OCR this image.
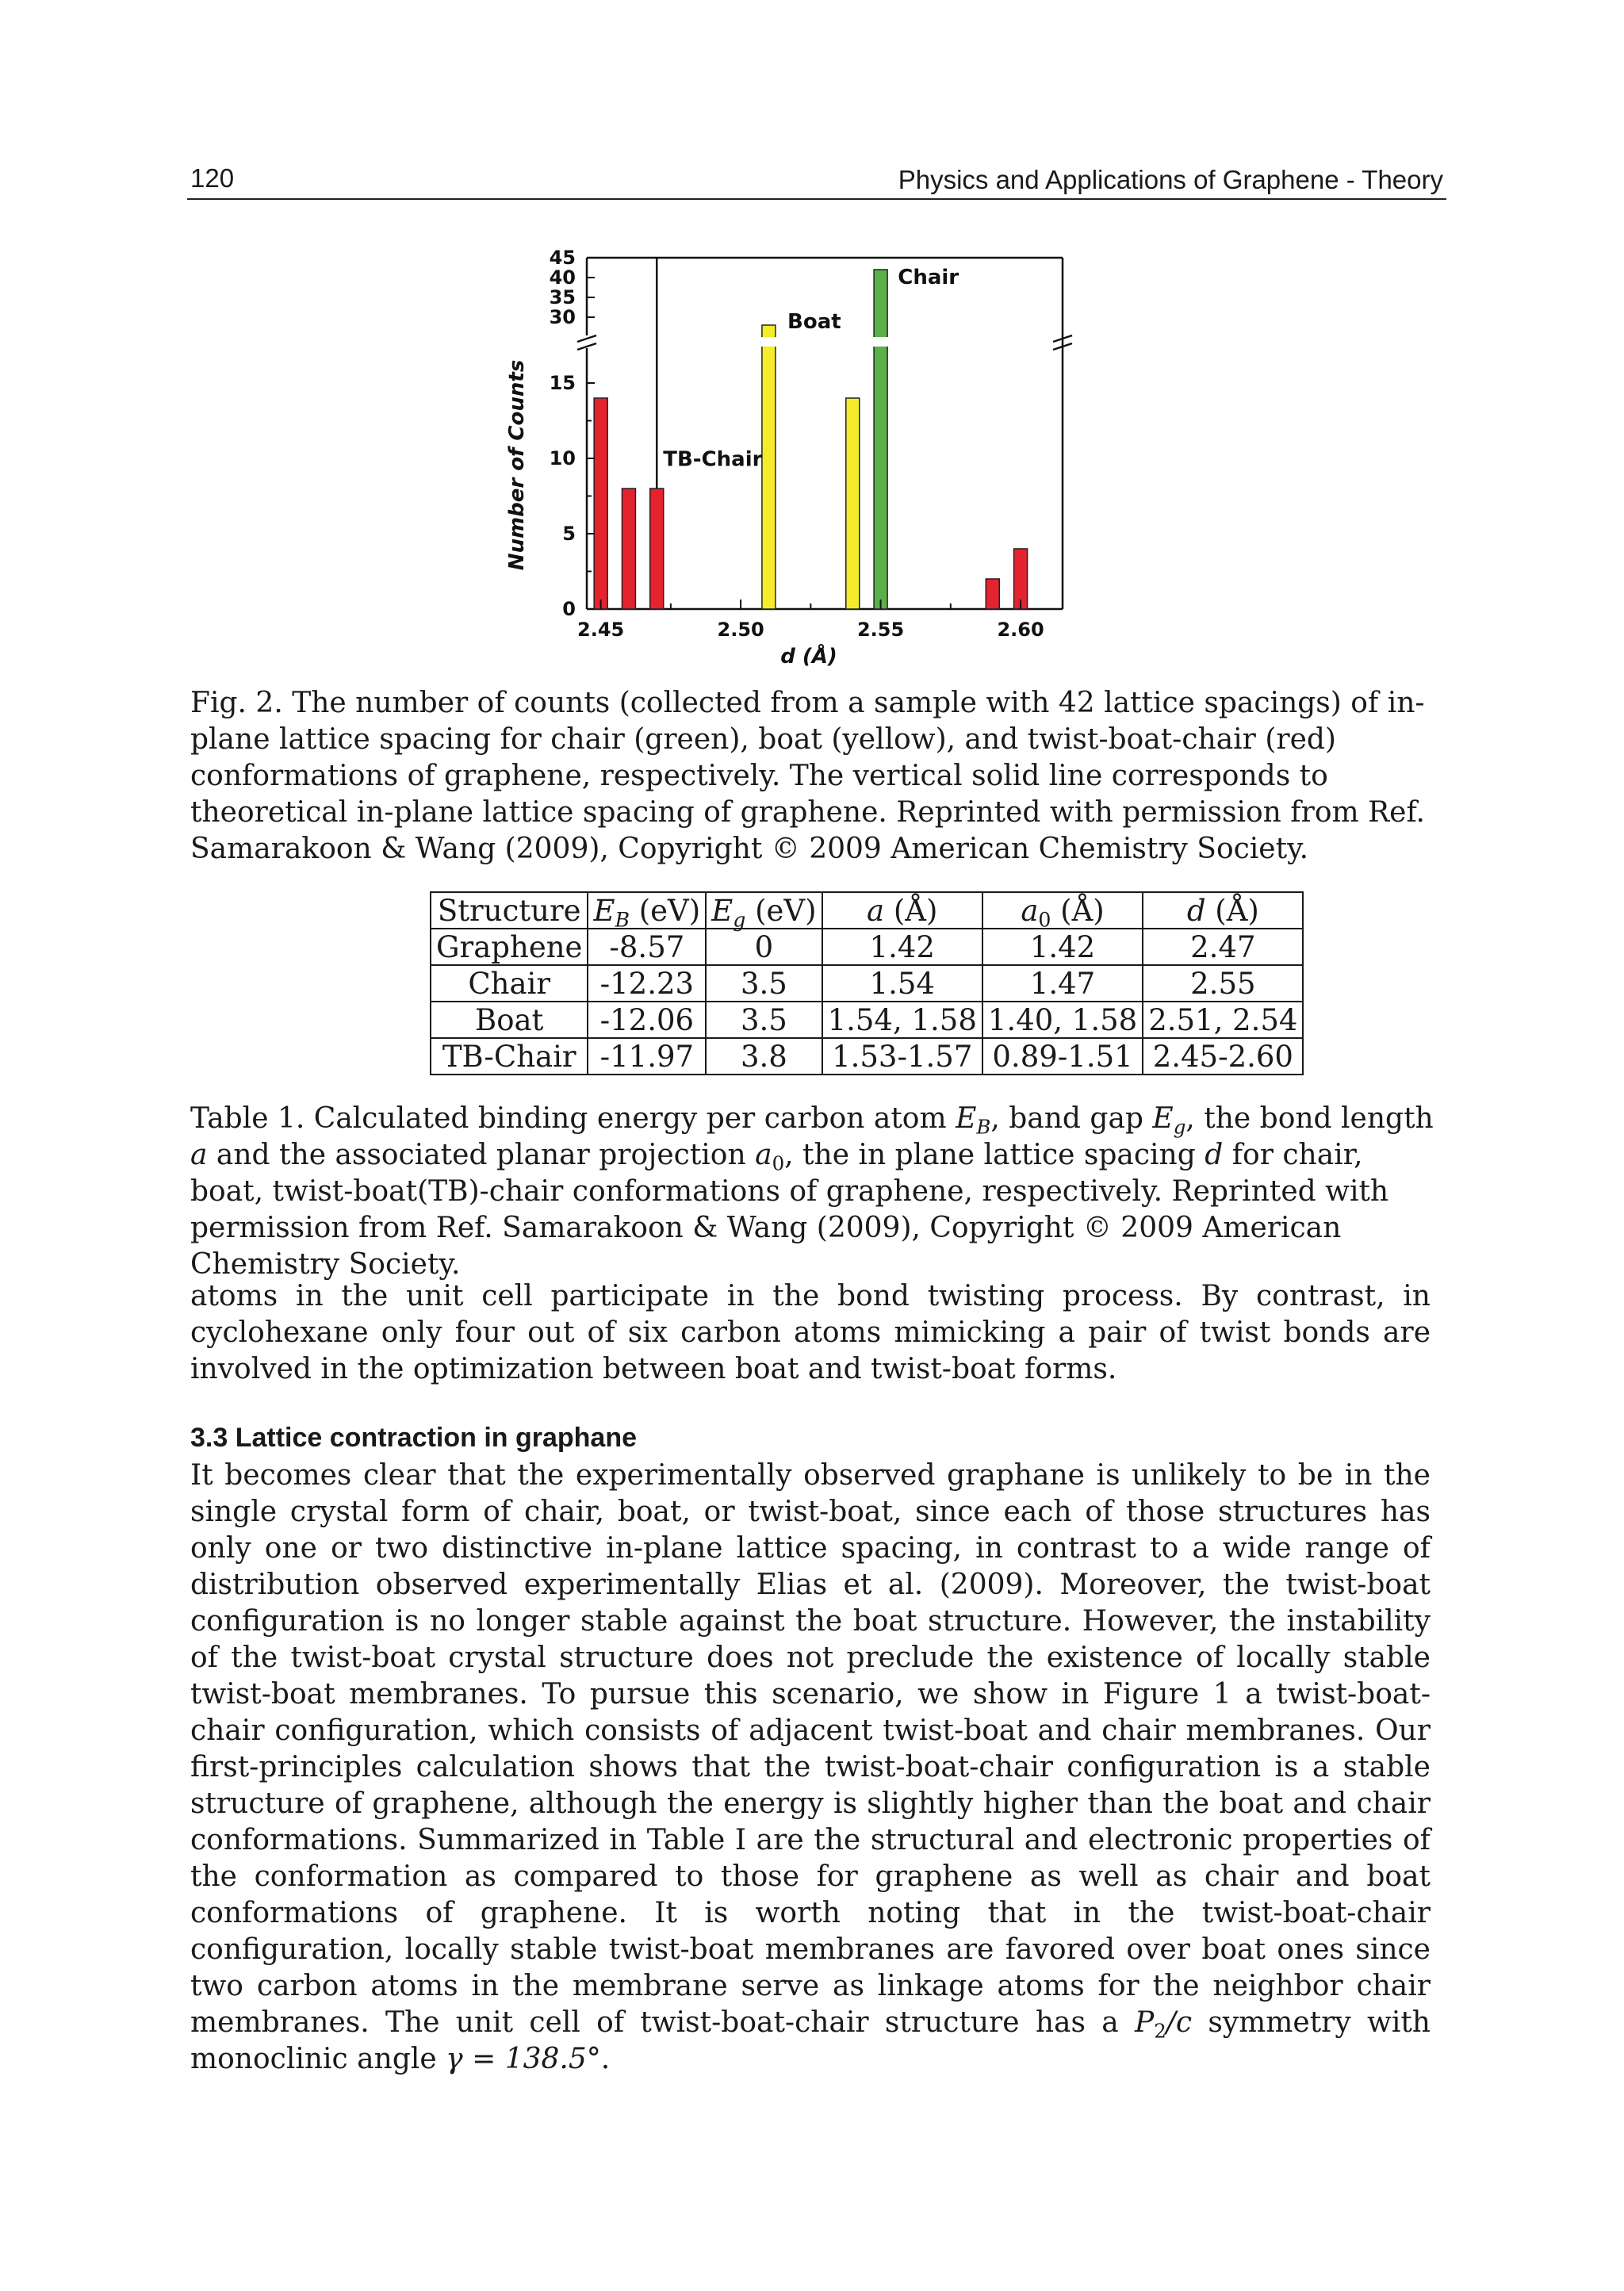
120	Physics and Applications of Graphene - Theory
0
5
10
15
30
35
40
45
2.45	2.50	2.55	2.60
d (Å)
Number of Counts
Chair
Boat
TB-Chair
Fig. 2. The number of counts (collected from a sample with 42 lattice spacings) of in-plane lattice spacing for chair (green), boat (yellow), and twist-boat-chair (red) conformations of graphene, respectively. The vertical solid line corresponds to theoretical in-plane lattice spacing of graphene. Reprinted with permission from Ref. Samarakoon & Wang (2009), Copyright © 2009 American Chemistry Society.
Structure	$E_B$ (eV)	$E_g$ (eV)	a (Å)	$a_0$ (Å)	d (Å)
Graphene	-8.57	0	1.42	1.42	2.47
Chair	-12.23	3.5	1.54	1.47	2.55
Boat	-12.06	3.5	1.54, 1.58	1.40, 1.58	2.51, 2.54
TB-Chair	-11.97	3.8	1.53-1.57	0.89-1.51	2.45-2.60
Table 1. Calculated binding energy per carbon atom $E_B$, band gap $E_g$, the bond length a and the associated planar projection $a_0$, the in plane lattice spacing d for chair, boat, twist-boat(TB)-chair conformations of graphene, respectively. Reprinted with permission from Ref. Samarakoon & Wang (2009), Copyright © 2009 American Chemistry Society.

atoms in the unit cell participate in the bond twisting process. By contrast, in cyclohexane only four out of six carbon atoms mimicking a pair of twist bonds are involved in the optimization between boat and twist-boat forms.

3.3 Lattice contraction in graphane

It becomes clear that the experimentally observed graphane is unlikely to be in the single crystal form of chair, boat, or twist-boat, since each of those structures has only one or two distinctive in-plane lattice spacing, in contrast to a wide range of distribution observed experimentally Elias et al. (2009). Moreover, the twist-boat configuration is no longer stable against the boat structure. However, the instability of the twist-boat crystal structure does not preclude the existence of locally stable twist-boat membranes. To pursue this scenario, we show in Figure 1 a twist-boat-chair configuration, which consists of adjacent twist-boat and chair membranes. Our first-principles calculation shows that the twist-boat-chair configuration is a stable structure of graphene, although the energy is slightly higher than the boat and chair conformations. Summarized in Table I are the structural and electronic properties of the conformation as compared to those for graphene as well as chair and boat conformations of graphene. It is worth noting that in the twist-boat-chair configuration, locally stable twist-boat membranes are favored over boat ones since two carbon atoms in the membrane serve as linkage atoms for the neighbor chair membranes. The unit cell of twist-boat-chair structure has a $P_2/c$ symmetry with monoclinic angle γ = 138.5°.
